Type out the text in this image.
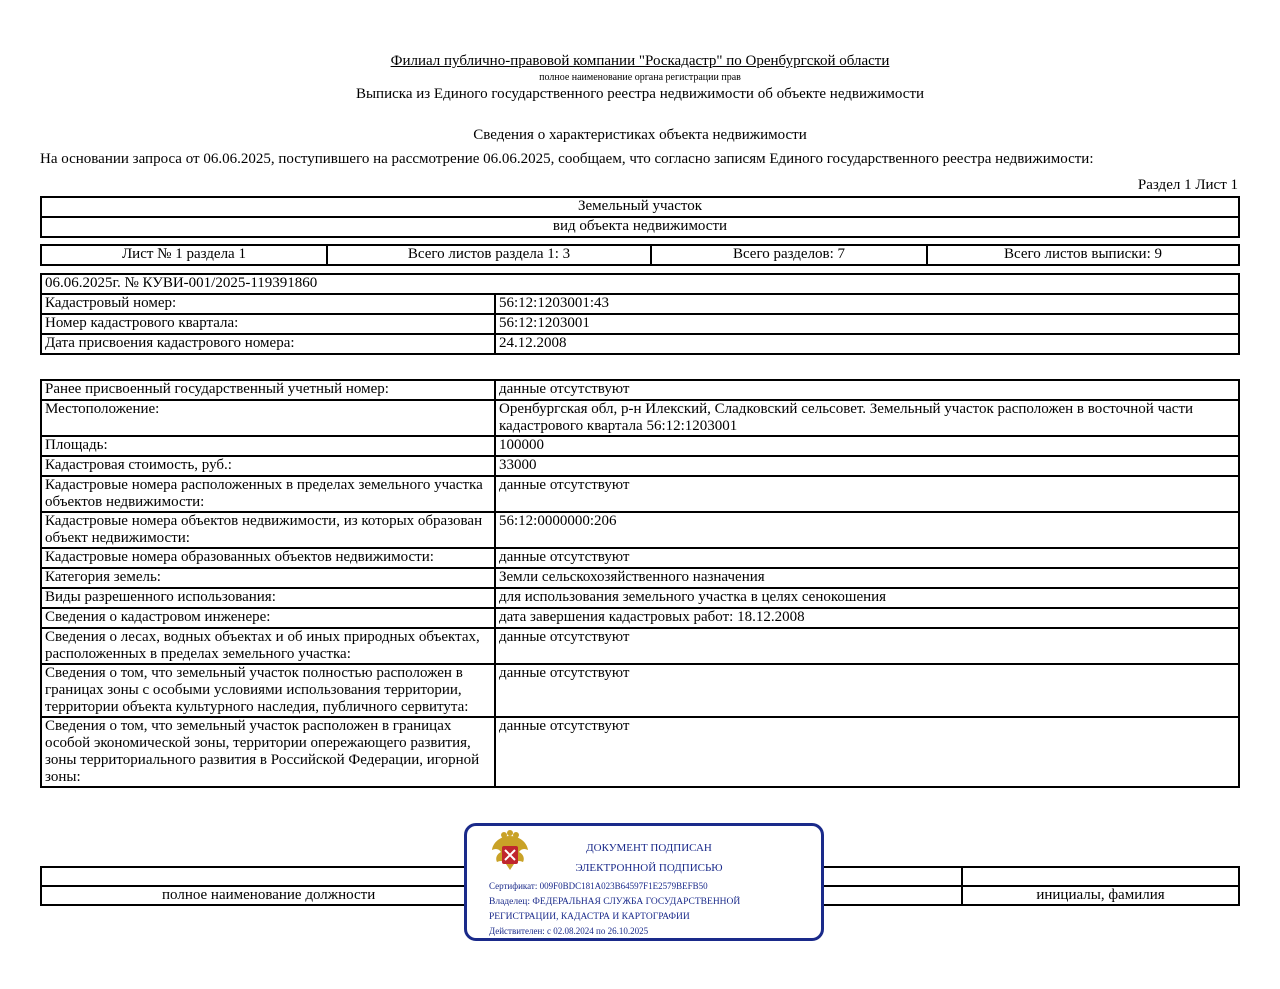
Филиал публично-правовой компании "Роскадастр" по Оренбургской области
полное наименование органа регистрации прав
Выписка из Единого государственного реестра недвижимости об объекте недвижимости
Сведения о характеристиках объекта недвижимости
На основании запроса от 06.06.2025, поступившего на рассмотрение 06.06.2025, сообщаем, что согласно записям Единого государственного реестра недвижимости:
Раздел 1 Лист 1
Земельный участок
вид объекта недвижимости
Лист № 1 раздела 1	Всего листов раздела 1: 3	Всего разделов: 7	Всего листов выписки: 9
06.06.2025г. № КУВИ-001/2025-119391860	
Кадастровый номер:	56:12:1203001:43
Номер кадастрового квартала:	56:12:1203001
Дата присвоения кадастрового номера:	24.12.2008
Ранее присвоенный государственный учетный номер:	данные отсутствуют
Местоположение:	Оренбургская обл, р-н Илекский, Сладковский сельсовет. Земельный участок расположен в восточной части кадастрового квартала 56:12:1203001
Площадь:	100000
Кадастровая стоимость, руб.:	33000
Кадастровые номера расположенных в пределах земельного участка объектов недвижимости:	данные отсутствуют
Кадастровые номера объектов недвижимости, из которых образован объект недвижимости:	56:12:0000000:206
Кадастровые номера образованных объектов недвижимости:	данные отсутствуют
Категория земель:	Земли сельскохозяйственного назначения
Виды разрешенного использования:	для использования земельного участка в целях сенокошения
Сведения о кадастровом инженере:	дата завершения кадастровых работ: 18.12.2008
Сведения о лесах, водных объектах и об иных природных объектах, расположенных в пределах земельного участка:	данные отсутствуют
Сведения о том, что земельный участок полностью расположен в границах зоны с особыми условиями использования территории, территории объекта культурного наследия, публичного сервитута:	данные отсутствуют
Сведения о том, что земельный участок расположен в границах особой экономической зоны, территории опережающего развития, зоны территориального развития в Российской Федерации, игорной зоны:	данные отсутствуют

полное наименование должности	инициалы, фамилия
ДОКУМЕНТ ПОДПИСАН
ЭЛЕКТРОННОЙ ПОДПИСЬЮ
Сертификат: 009F0BDC181A023B64597F1E2579BEFB50
Владелец: ФЕДЕРАЛЬНАЯ СЛУЖБА ГОСУДАРСТВЕННОЙ
РЕГИСТРАЦИИ, КАДАСТРА И КАРТОГРАФИИ
Действителен: с 02.08.2024 по 26.10.2025
